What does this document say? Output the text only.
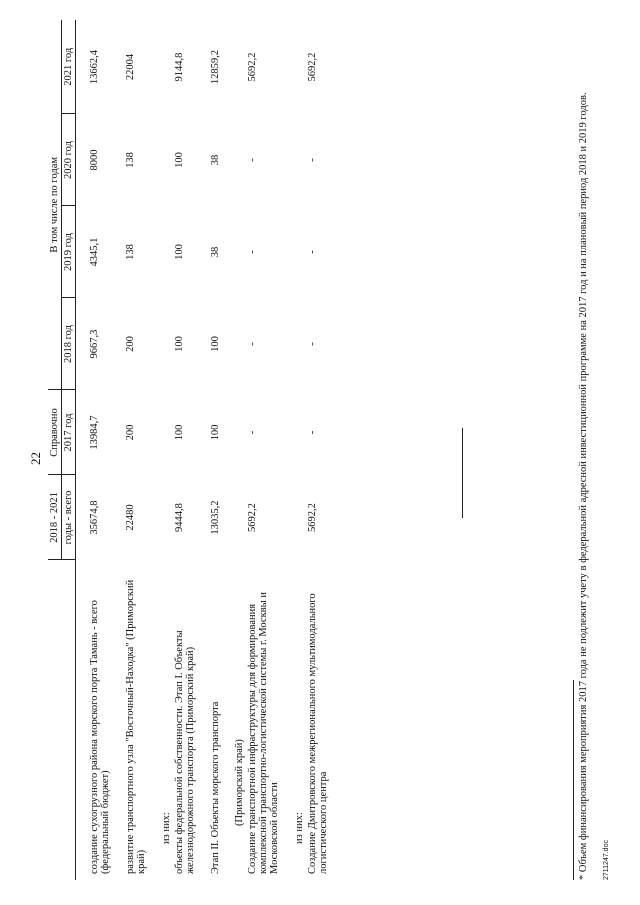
22
	2018 - 2021	Справочно	В том числе по годам			
	годы - всего	2017 год	2018 год	2019 год	2020 год	2021 год

создание сухогрузного района морского порта Тамань - всего (федеральный бюджет)	35674,8	13984,7	9667,3	4345,1	8000	13662,4

развитие транспортного узла "Восточный-Находка" (Приморский край)	22480	200	200	138	138	22004

из них:						
объекты федеральной собственности. Этап I. Объекты железнодорожного транспорта (Приморский край)	9444,8	100	100	100	100	9144,8

Этап II. Объекты морского транспорта	13035,2	100	100	38	38	12859,2
(Приморский край)						
Создание транспортной инфраструктуры для формирования комплексной транспортно-логистической системы г. Москвы и Московской области	5692,2	-	-	-	-	5692,2

из них:						
Создание Дмитровского межрегионального мультимодального логистического центра	5692,2	-	-	-	-	5692,2
* Объем финансирования мероприятия 2017 года не подлежит учету в федеральной адресной инвестиционной программе на 2017 год и на плановый период 2018 и 2019 годов. 2711247.doc
